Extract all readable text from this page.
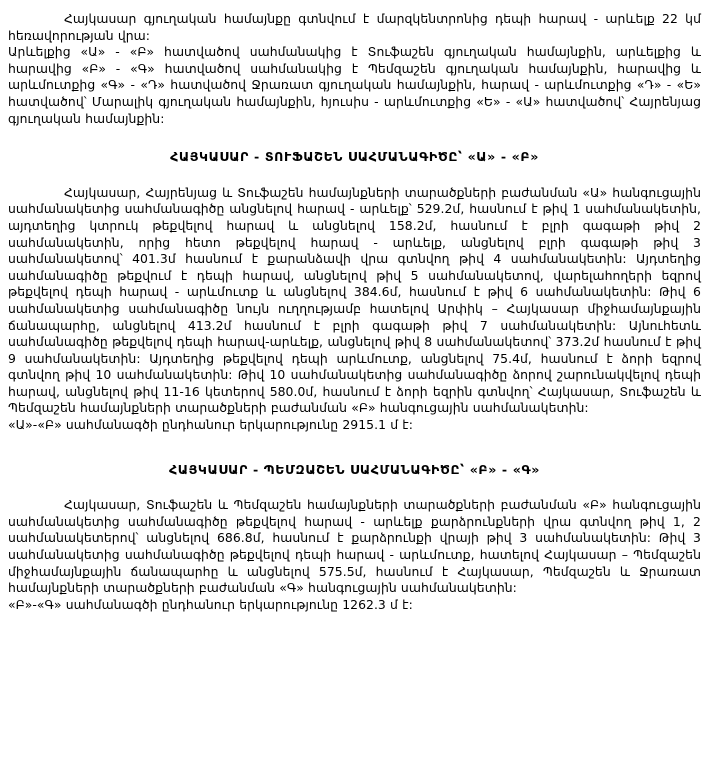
Հայկասար գյուղական համայնքը գտնվում է մարզկենտրոնից դեպի հարավ - արևելք 22 կմ հեռավորության վրա:

Արևելքից «Ա» - «Բ» հատվածով սահմանակից է Տուֆաշեն գյուղական համայնքին, արևելքից և հարավից «Բ» - «Գ» հատվածով սահմանակից է Պեմզաշեն գյուղական համայնքին, հարավից և արևմուտքից «Գ» - «Դ» հատվածով Ջրառատ գյուղական համայնքին, հարավ - արևմուտքից «Դ» - «Ե» հատվածով՝ Մարալիկ գյուղական համայնքին, հյուսիս - արևմուտքից «Ե» - «Ա» հատվածով՝ Հայրենյաց գյուղական համայնքին:

ՀԱՅԿԱՍԱՐ - ՏՈՒՖԱՇԵՆ ՍԱՀՄԱՆԱԳԻԾԸ՝ «Ա» - «Բ»

Հայկասար, Հայրենյաց և Տուֆաշեն համայնքների տարածքների բաժանման «Ա» հանգուցային սահմանակետից սահմանագիծը անցնելով հարավ - արևելք՝ 529.2մ, հասնում է թիվ 1 սահմանակետին, այդտեղից կտրուկ թեքվելով հարավ և անցնելով 158.2մ, հասնում է բլրի գագաթի թիվ 2 սահմանակետին, որից հետո թեքվելով հարավ - արևելք, անցնելով բլրի գագաթի թիվ 3 սահմանակետով՝ 401.3մ հասնում է քարանձավի վրա գտնվող թիվ 4 սահմանակետին: Այդտեղից սահմանագիծը թեքվում է դեպի հարավ, անցնելով թիվ 5 սահմանակետով, վարելահողերի եզրով թեքվելով դեպի հարավ - արևմուտք և անցնելով 384.6մ, հասնում է թիվ 6 սահմանակետին: Թիվ 6 սահմանակետից սահմանագիծը նույն ուղղությամբ հատելով Արփիկ – Հայկասար միջհամայնքային ճանապարհը, անցնելով 413.2մ հասնում է բլրի գագաթի թիվ 7 սահմանակետին: Այնուհետև սահմանագիծը թեքվելով դեպի հարավ-արևելք, անցնելով թիվ 8 սահմանակետով՝ 373.2մ հասնում է թիվ 9 սահմանակետին: Այդտեղից թեքվելով դեպի արևմուտք, անցնելով 75.4մ, հասնում է ձորի եզրով գտնվող թիվ 10 սահմանակետին: Թիվ 10 սահմանակետից սահմանագիծը ձորով շարունակվելով դեպի հարավ, անցնելով թիվ 11-16 կետերով 580.0մ, հասնում է ձորի եզրին գտնվող՝ Հայկասար, Տուֆաշեն և Պեմզաշեն համայնքների տարածքների բաժանման «Բ» հանգուցային սահմանակետին:

«Ա»-«Բ» սահմանագծի ընդհանուր երկարությունը 2915.1 մ է:

ՀԱՅԿԱՍԱՐ - ՊԵՄԶԱՇԵՆ ՍԱՀՄԱՆԱԳԻԾԸ՝ «Բ» - «Գ»

Հայկասար, Տուֆաշեն և Պեմզաշեն համայնքների տարածքների բաժանման «Բ» հանգուցային սահմանակետից սահմանագիծը թեքվելով հարավ - արևելք քարձրունքների վրա գտնվող թիվ 1, 2 սահմանակետերով՝ անցնելով 686.8մ, հասնում է քարձրունքի վրայի թիվ 3 սահմանակետին: Թիվ 3 սահմանակետից սահմանագիծը թեքվելով դեպի հարավ - արևմուտք, հատելով Հայկասար – Պեմզաշեն միջհամայնքային ճանապարհը և անցնելով 575.5մ, հասնում է Հայկասար, Պեմզաշեն և Ջրառատ համայնքների տարածքների բաժանման «Գ» հանգուցային սահմանակետին:

«Բ»-«Գ» սահմանագծի ընդհանուր երկարությունը 1262.3 մ է:
